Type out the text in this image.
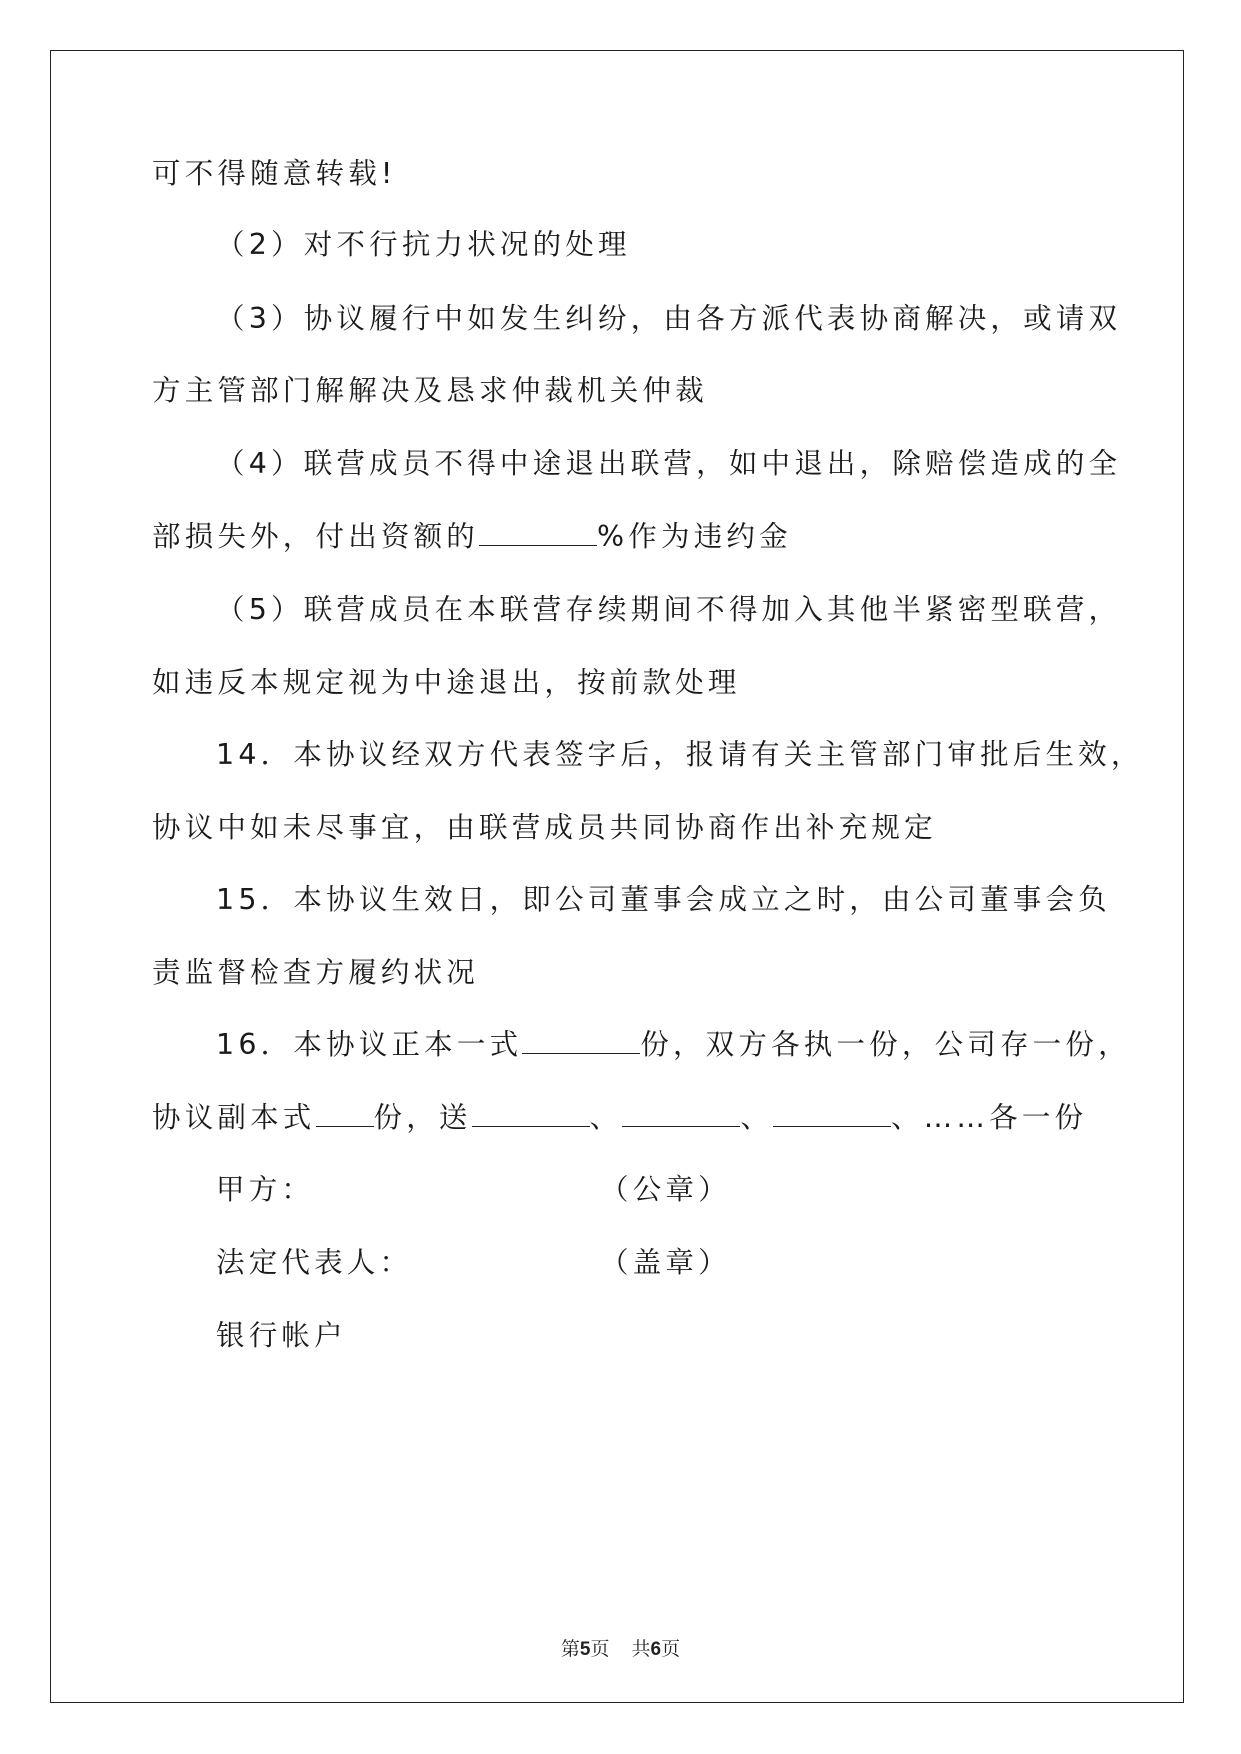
可不得随意转载!
（2）对不行抗力状况的处理
（3）协议履行中如发生纠纷，由各方派代表协商解决，或请双
方主管部门解解决及恳求仲裁机关仲裁
（4）联营成员不得中途退出联营，如中退出，除赔偿造成的全
部损失外，付出资额的	%作为违约金
（5）联营成员在本联营存续期间不得加入其他半紧密型联营，
如违反本规定视为中途退出，按前款处理
14．本协议经双方代表签字后，报请有关主管部门审批后生效，
协议中如未尽事宜，由联营成员共同协商作出补充规定
15．本协议生效日，即公司董事会成立之时，由公司董事会负
责监督检查方履约状况
16．本协议正本一式	份，双方各执一份，公司存一份，
协议副本式 份，送	、	、	、……各一份
甲方：	（公章）
法定代表人：	（盖章）
银行帐户
第5页 共6页
